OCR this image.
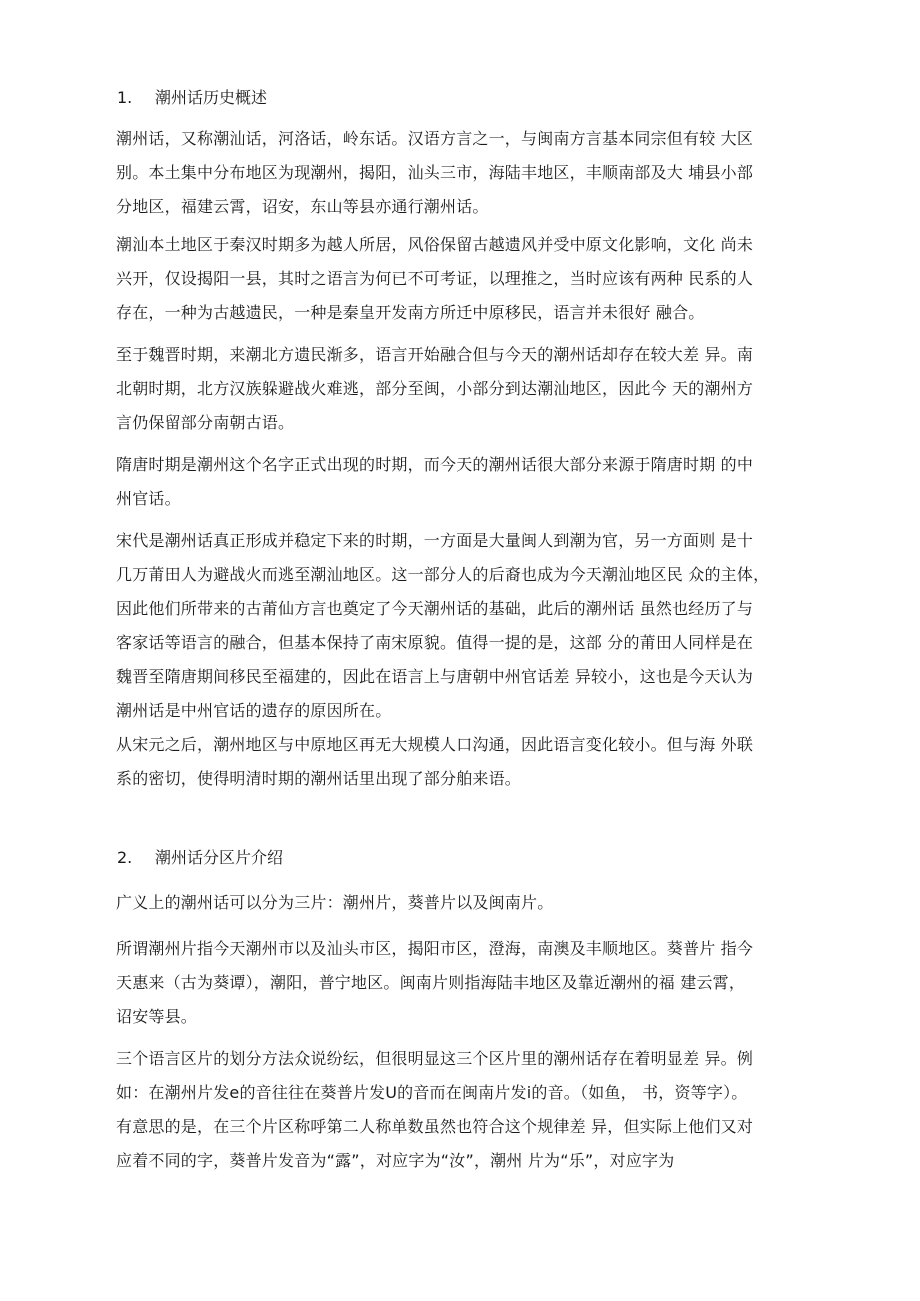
1. 潮州话历史概述
潮州话，又称潮汕话，河洛话，岭东话。汉语方言之一，与闽南方言基本同宗但有较 大区
别。本土集中分布地区为现潮州，揭阳，汕头三市，海陆丰地区，丰顺南部及大 埔县小部
分地区，福建云霄，诏安，东山等县亦通行潮州话。
潮汕本土地区于秦汉时期多为越人所居，风俗保留古越遗风并受中原文化影响，文化 尚未
兴开，仅设揭阳一县，其时之语言为何已不可考证，以理推之，当时应该有两种 民系的人
存在，一种为古越遗民，一种是秦皇开发南方所迁中原移民，语言并未很好 融合。
至于魏晋时期，来潮北方遗民渐多，语言开始融合但与今天的潮州话却存在较大差 异。南
北朝时期，北方汉族躲避战火难逃，部分至闽，小部分到达潮汕地区，因此今 天的潮州方
言仍保留部分南朝古语。
隋唐时期是潮州这个名字正式出现的时期，而今天的潮州话很大部分来源于隋唐时期 的中
州官话。
宋代是潮州话真正形成并稳定下来的时期，一方面是大量闽人到潮为官，另一方面则 是十
几万莆田人为避战火而逃至潮汕地区。这一部分人的后裔也成为今天潮汕地区民 众的主体，
因此他们所带来的古莆仙方言也奠定了今天潮州话的基础，此后的潮州话 虽然也经历了与
客家话等语言的融合，但基本保持了南宋原貌。值得一提的是，这部 分的莆田人同样是在
魏晋至隋唐期间移民至福建的，因此在语言上与唐朝中州官话差 异较小，这也是今天认为
潮州话是中州官话的遗存的原因所在。
从宋元之后，潮州地区与中原地区再无大规模人口沟通，因此语言变化较小。但与海 外联
系的密切，使得明清时期的潮州话里出现了部分舶来语。
2. 潮州话分区片介绍
广义上的潮州话可以分为三片：潮州片，葵普片以及闽南片。
所谓潮州片指今天潮州市以及汕头市区，揭阳市区，澄海，南澳及丰顺地区。葵普片 指今
天惠来（古为葵谭），潮阳，普宁地区。闽南片则指海陆丰地区及靠近潮州的福 建云霄，
诏安等县。
三个语言区片的划分方法众说纷纭，但很明显这三个区片里的潮州话存在着明显差 异。例
如：在潮州片发e的音往往在葵普片发U的音而在闽南片发i的音。（如鱼， 书，资等字）。
有意思的是，在三个片区称呼第二人称单数虽然也符合这个规律差 异，但实际上他们又对
应着不同的字，葵普片发音为“露”，对应字为“汝”，潮州 片为“乐”，对应字为
